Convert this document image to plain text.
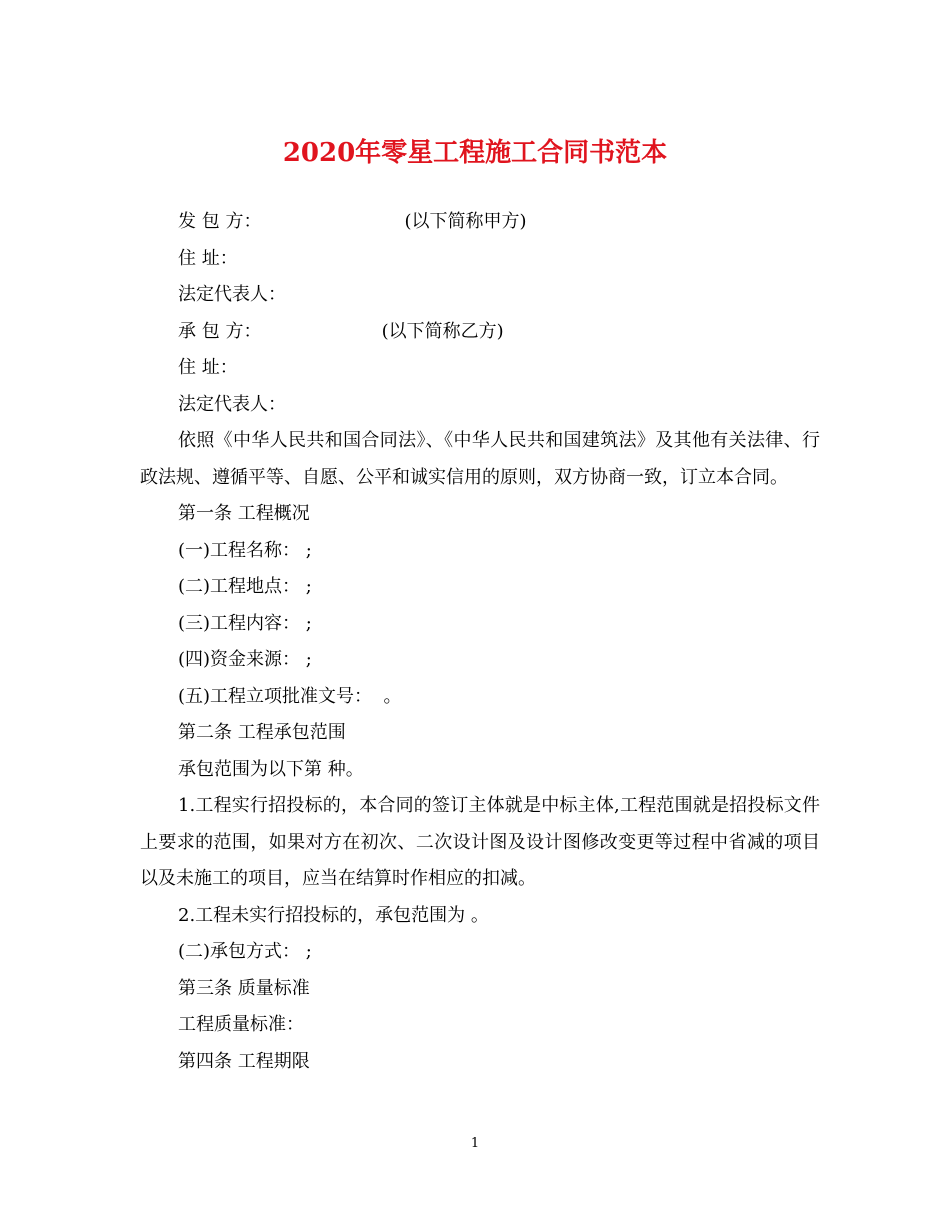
2020年零星工程施工合同书范本

发 包 方：                         (以下简称甲方)

住 址：

法定代表人：

承 包 方：                     (以下简称乙方)

住 址：

法定代表人：

依照《中华人民共和国合同法》、《中华人民共和国建筑法》及其他有关法律、行政法规、遵循平等、自愿、公平和诚实信用的原则，双方协商一致，订立本合同。

第一条 工程概况

(一)工程名称： ;

(二)工程地点： ;

(三)工程内容： ;

(四)资金来源： ;

(五)工程立项批准文号：  。

第二条 工程承包范围

承包范围为以下第 种。

1.工程实行招投标的，本合同的签订主体就是中标主体,工程范围就是招投标文件上要求的范围，如果对方在初次、二次设计图及设计图修改变更等过程中省减的项目以及未施工的项目，应当在结算时作相应的扣减。

2.工程未实行招投标的，承包范围为 。

(二)承包方式： ;

第三条 质量标准

工程质量标准：

第四条 工程期限

1
